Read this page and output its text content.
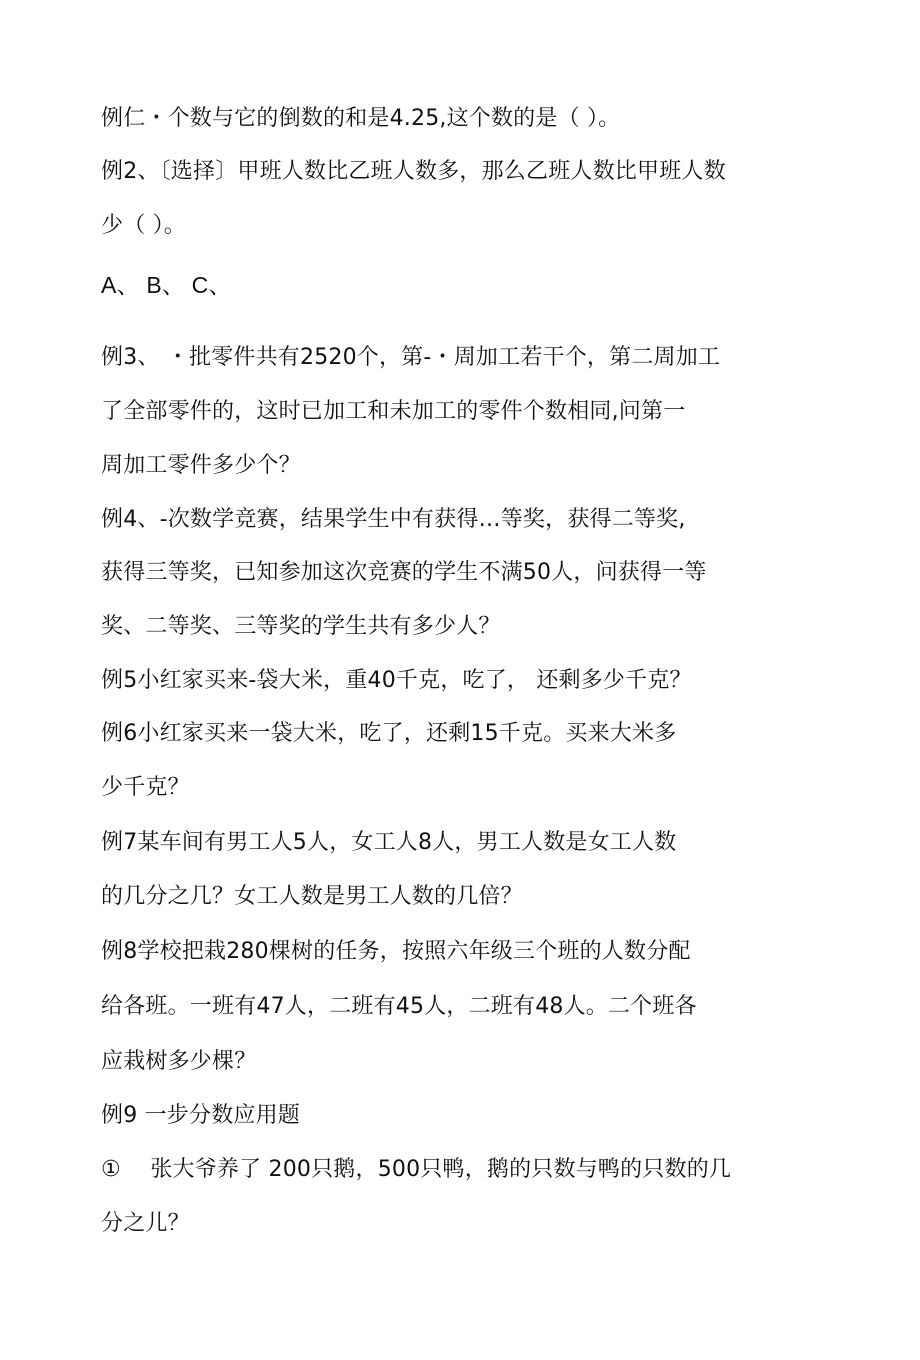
例仁・个数与它的倒数的和是4.25,这个数的是（ ）。
例2、〔选择〕甲班人数比乙班人数多，那么乙班人数比甲班人数
少（ ）。
A、 B、 C、
例3、 ・批零件共有2520个，第-・周加工若干个，第二周加工
了全部零件的，这时已加工和未加工的零件个数相同,问第一
周加工零件多少个？
例4、-次数学竞赛，结果学生中有获得…等奖，获得二等奖,
获得三等奖，已知参加这次竞赛的学生不满50人，问获得一等
奖、二等奖、三等奖的学生共有多少人？
例5小红家买来-袋大米，重40千克，吃了， 还剩多少千克？
例6小红家买来一袋大米，吃了，还剩15千克。买来大米多
少千克？
例7某车间有男工人5人，女工人8人，男工人数是女工人数
的几分之几？女工人数是男工人数的几倍？
例8学校把栽280棵树的任务，按照六年级三个班的人数分配
给各班。一班有47人，二班有45人，二班有48人。二个班各
应栽树多少棵？
例9 一步分数应用题
①　 张大爷养了 200只鹅，500只鸭，鹅的只数与鸭的只数的几
分之儿？
